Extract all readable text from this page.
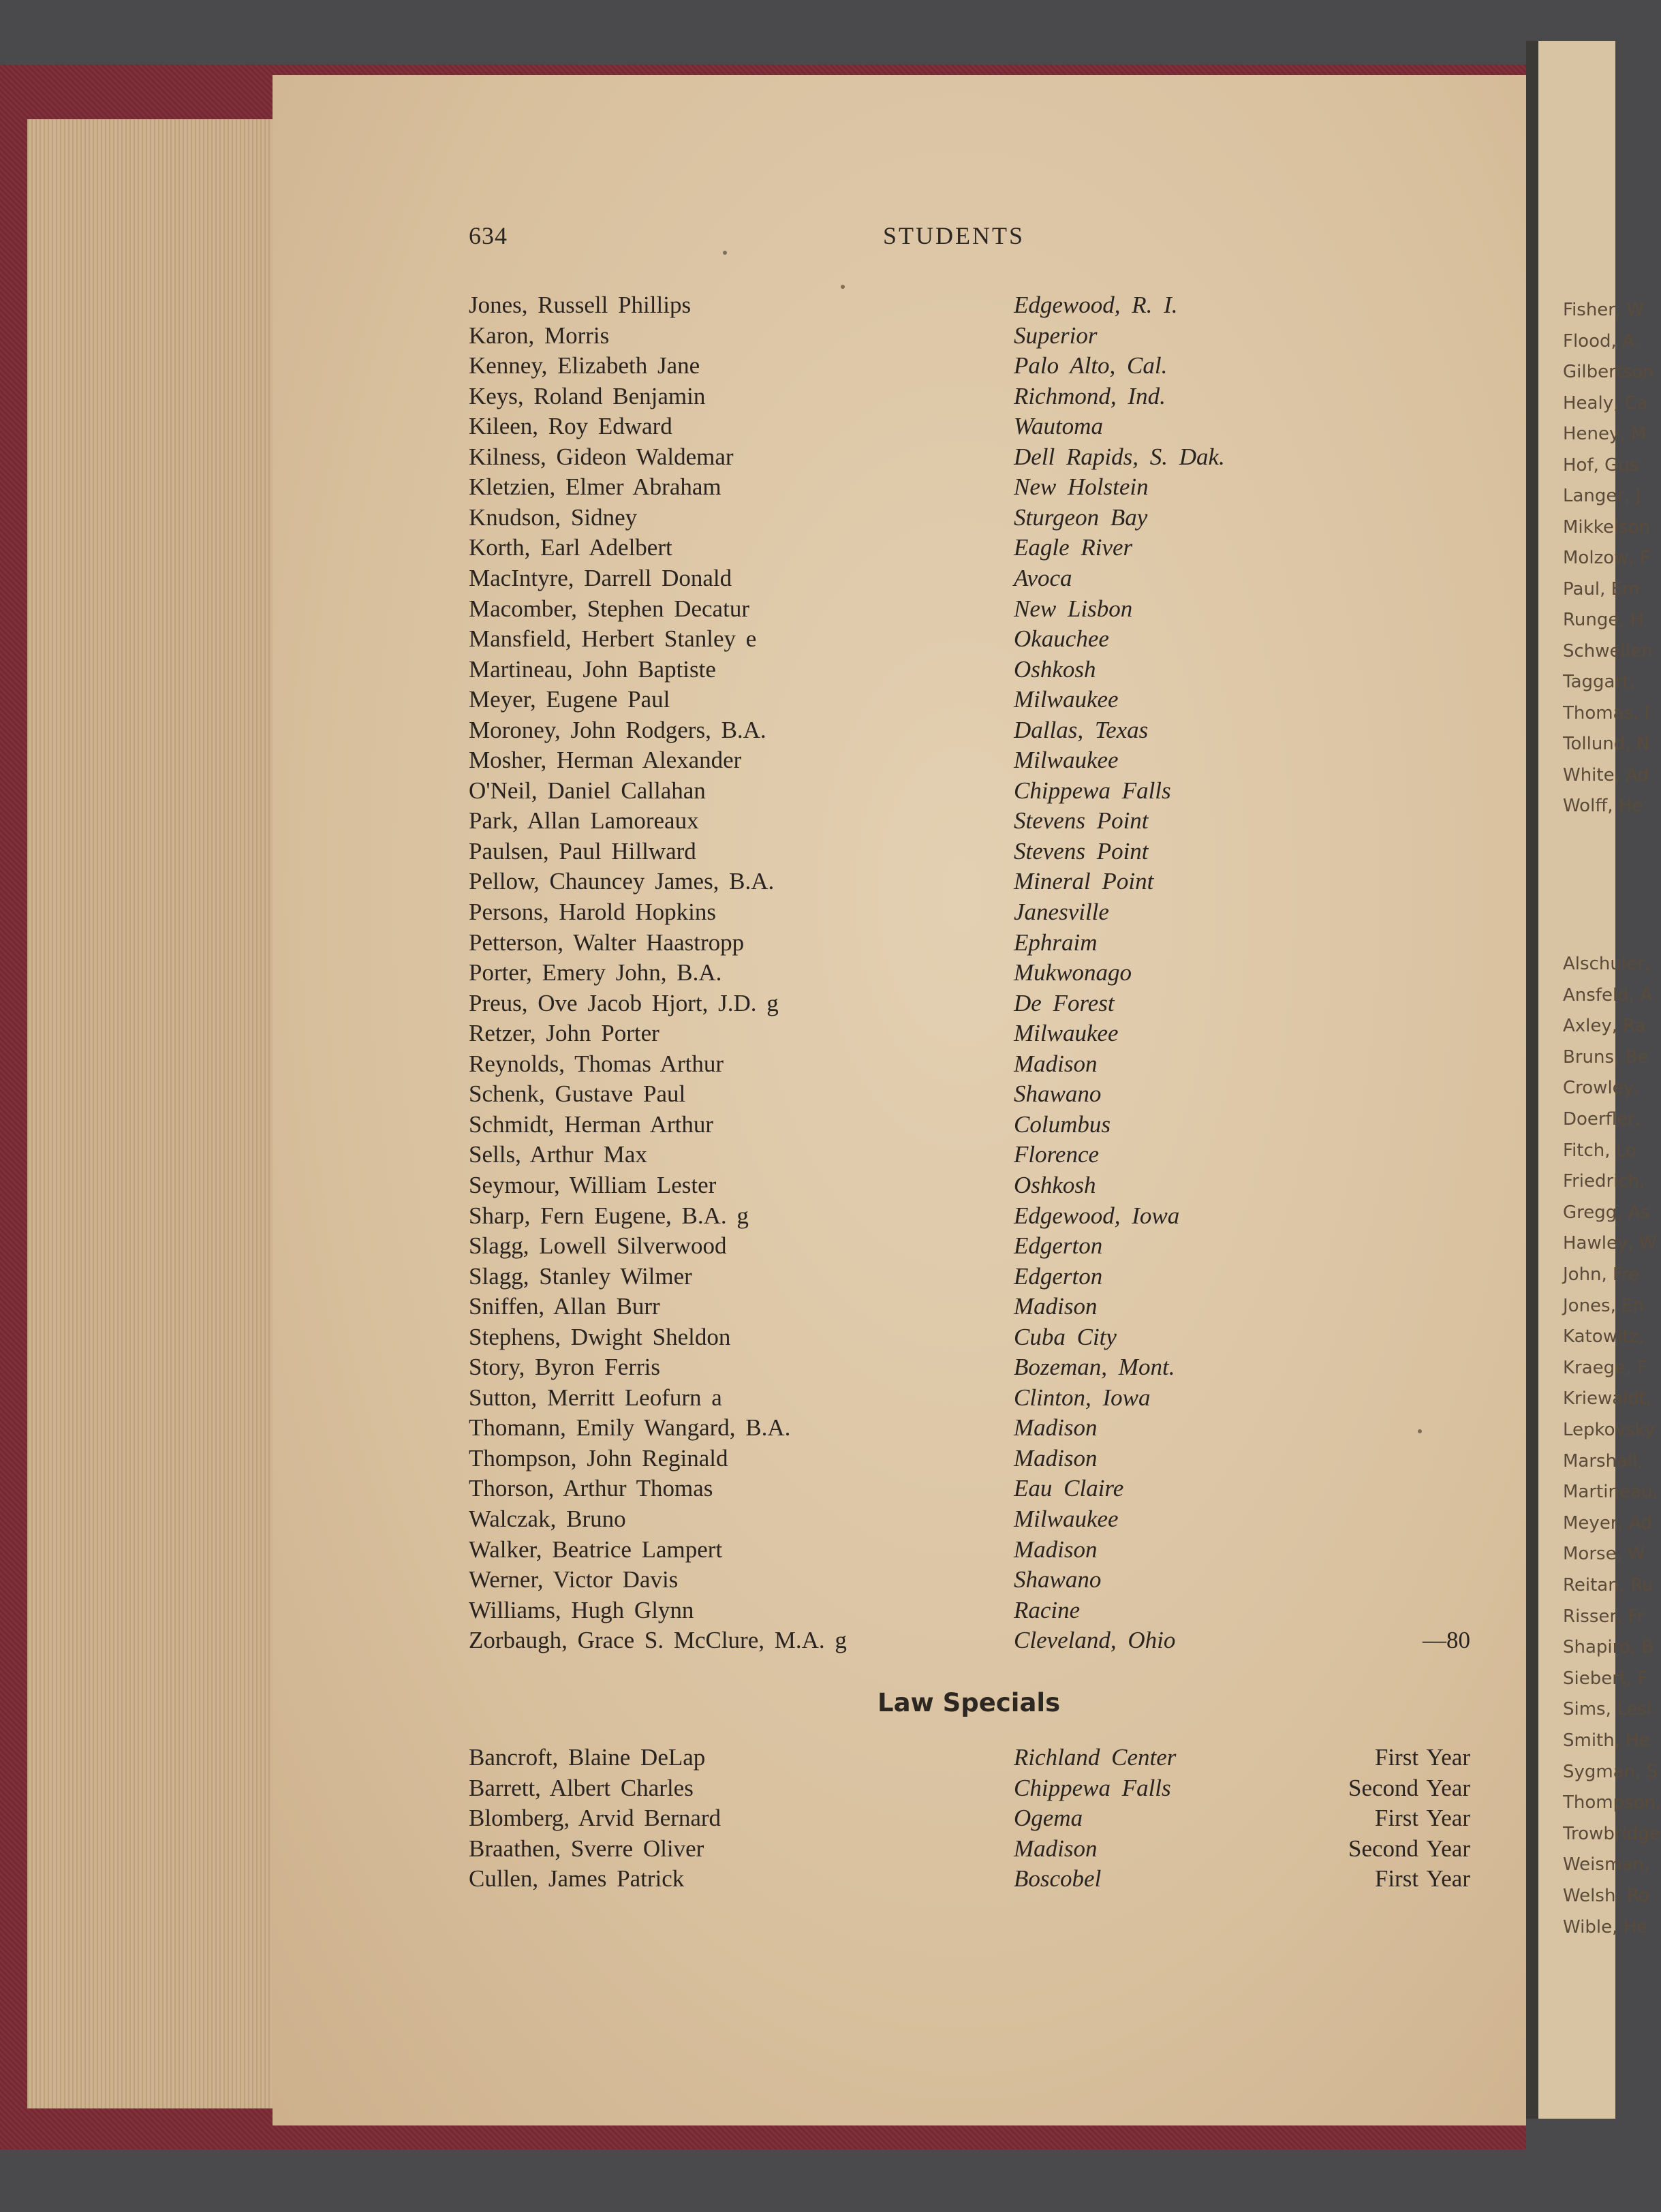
Fisher, W
Flood, A.
Gilbertson
Healy, Ca
Heney, M
Hof, Gus
Langer, J
Mikkelson
Molzow, F
Paul, Em
Runge, H
Schwellen
Taggart,
Thomas, I
Tollund, N
White, Ad
Wolff, He
Alschuler,
Ansfeld, A
Axley, Ra
Bruns, Be
Crowley,
Doerfler,
Fitch, Lo
Friedrich,
Gregg, As
Hawley, W
John, Fre
Jones, En
Katowitz,
Kraege, F
Kriewaldt,
Lepkovsky
Marshall,
Martineau,
Meyer, Ad
Morse, W
Reitan, Ru
Risser, Fr
Shapiro, B
Siebert, F
Sims, Lesl
Smith, He
Sygman, S
Thompson,
Trowbridge
Weisman,
Welsh, Ro
Wible, He
634	STUDENTS
Jones, Russell Phillips	Edgewood, R. I.
Karon, Morris	Superior
Kenney, Elizabeth Jane	Palo Alto, Cal.
Keys, Roland Benjamin	Richmond, Ind.
Kileen, Roy Edward	Wautoma
Kilness, Gideon Waldemar	Dell Rapids, S. Dak.
Kletzien, Elmer Abraham	New Holstein
Knudson, Sidney	Sturgeon Bay
Korth, Earl Adelbert	Eagle River
MacIntyre, Darrell Donald	Avoca
Macomber, Stephen Decatur	New Lisbon
Mansfield, Herbert Stanley e	Okauchee
Martineau, John Baptiste	Oshkosh
Meyer, Eugene Paul	Milwaukee
Moroney, John Rodgers, B.A.	Dallas, Texas
Mosher, Herman Alexander	Milwaukee
O'Neil, Daniel Callahan	Chippewa Falls
Park, Allan Lamoreaux	Stevens Point
Paulsen, Paul Hillward	Stevens Point
Pellow, Chauncey James, B.A.	Mineral Point
Persons, Harold Hopkins	Janesville
Petterson, Walter Haastropp	Ephraim
Porter, Emery John, B.A.	Mukwonago
Preus, Ove Jacob Hjort, J.D. g	De Forest
Retzer, John Porter	Milwaukee
Reynolds, Thomas Arthur	Madison
Schenk, Gustave Paul	Shawano
Schmidt, Herman Arthur	Columbus
Sells, Arthur Max	Florence
Seymour, William Lester	Oshkosh
Sharp, Fern Eugene, B.A. g	Edgewood, Iowa
Slagg, Lowell Silverwood	Edgerton
Slagg, Stanley Wilmer	Edgerton
Sniffen, Allan Burr	Madison
Stephens, Dwight Sheldon	Cuba City
Story, Byron Ferris	Bozeman, Mont.
Sutton, Merritt Leofurn a	Clinton, Iowa
Thomann, Emily Wangard, B.A.	Madison
Thompson, John Reginald	Madison
Thorson, Arthur Thomas	Eau Claire
Walczak, Bruno	Milwaukee
Walker, Beatrice Lampert	Madison
Werner, Victor Davis	Shawano
Williams, Hugh Glynn	Racine
Zorbaugh, Grace S. McClure, M.A. g	Cleveland, Ohio	—80
Law Specials
Bancroft, Blaine DeLap	Richland Center	First Year
Barrett, Albert Charles	Chippewa Falls	Second Year
Blomberg, Arvid Bernard	Ogema	First Year
Braathen, Sverre Oliver	Madison	Second Year
Cullen, James Patrick	Boscobel	First Year
